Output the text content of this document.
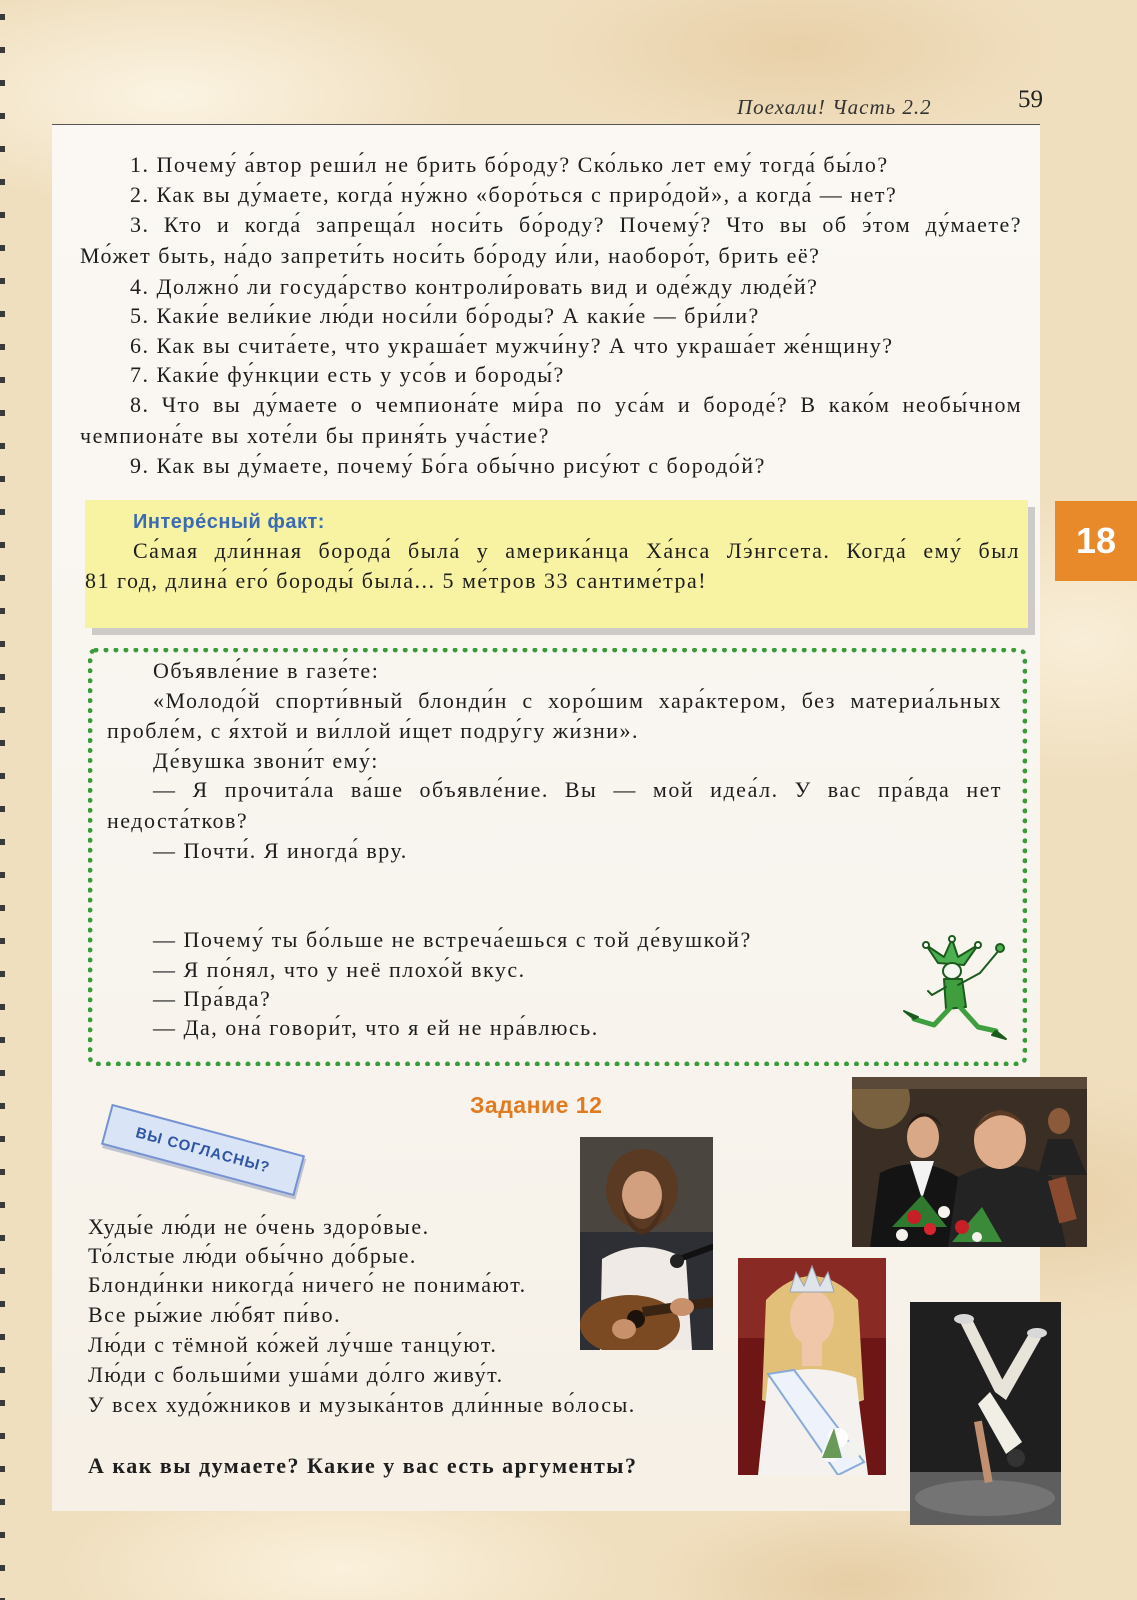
Поехали! Часть 2.2	59
1. Почему́ а́втор реши́л не брить бо́роду? Ско́лько лет ему́ тогда́ бы́ло?
2. Как вы ду́маете, когда́ ну́жно «боро́ться с приро́дой», а когда́ — нет?
3. Кто и когда́ запреща́л носи́ть бо́роду? Почему́? Что вы об э́том ду́маете?
Мо́жет быть, на́до запрети́ть носи́ть бо́роду и́ли, наоборо́т, брить её?
4. Должно́ ли госуда́рство контроли́ровать вид и оде́жду люде́й?
5. Каки́е вели́кие лю́ди носи́ли бо́роды? А каки́е — бри́ли?
6. Как вы счита́ете, что украша́ет мужчи́ну? А что украша́ет же́нщину?
7. Каки́е фу́нкции есть у усо́в и бороды́?
8. Что вы ду́маете о чемпиона́те ми́ра по уса́м и бороде́? В како́м необы́чном
чемпиона́те вы хоте́ли бы приня́ть уча́стие?
9. Как вы ду́маете, почему́ Бо́га обы́чно рису́ют с бородо́й?
Интере́сный факт:
Са́мая дли́нная борода́ была́ у америка́нца Ха́нса Лэ́нгсета. Когда́ ему́ был
81 год, длина́ его́ бороды́ была́... 5 ме́тров 33 сантиме́тра!
18
Объявле́ние в газе́те:
«Молодо́й спорти́вный блонди́н с хоро́шим хара́ктером, без материа́льных
пробле́м, с я́хтой и ви́ллой и́щет подру́гу жи́зни».
Де́вушка звони́т ему́:
— Я прочита́ла ва́ше объявле́ние. Вы — мой идеа́л. У вас пра́вда нет
недоста́тков?
— Почти́. Я иногда́ вру.
— Почему́ ты бо́льше не встреча́ешься с той де́вушкой?
— Я по́нял, что у неё плохо́й вкус.
— Пра́вда?
— Да, она́ говори́т, что я ей не нра́влюсь.
Задание 12
ВЫ СОГЛАСНЫ?
Худы́е лю́ди не о́чень здоро́вые.
То́лстые лю́ди обы́чно до́брые.
Блонди́нки никогда́ ничего́ не понима́ют.
Все ры́жие лю́бят пи́во.
Лю́ди с тёмной ко́жей лу́чше танцу́ют.
Лю́ди с больши́ми уша́ми до́лго живу́т.
У всех худо́жников и музыка́нтов дли́нные во́лосы.
А как вы думаете? Какие у вас есть аргументы?
